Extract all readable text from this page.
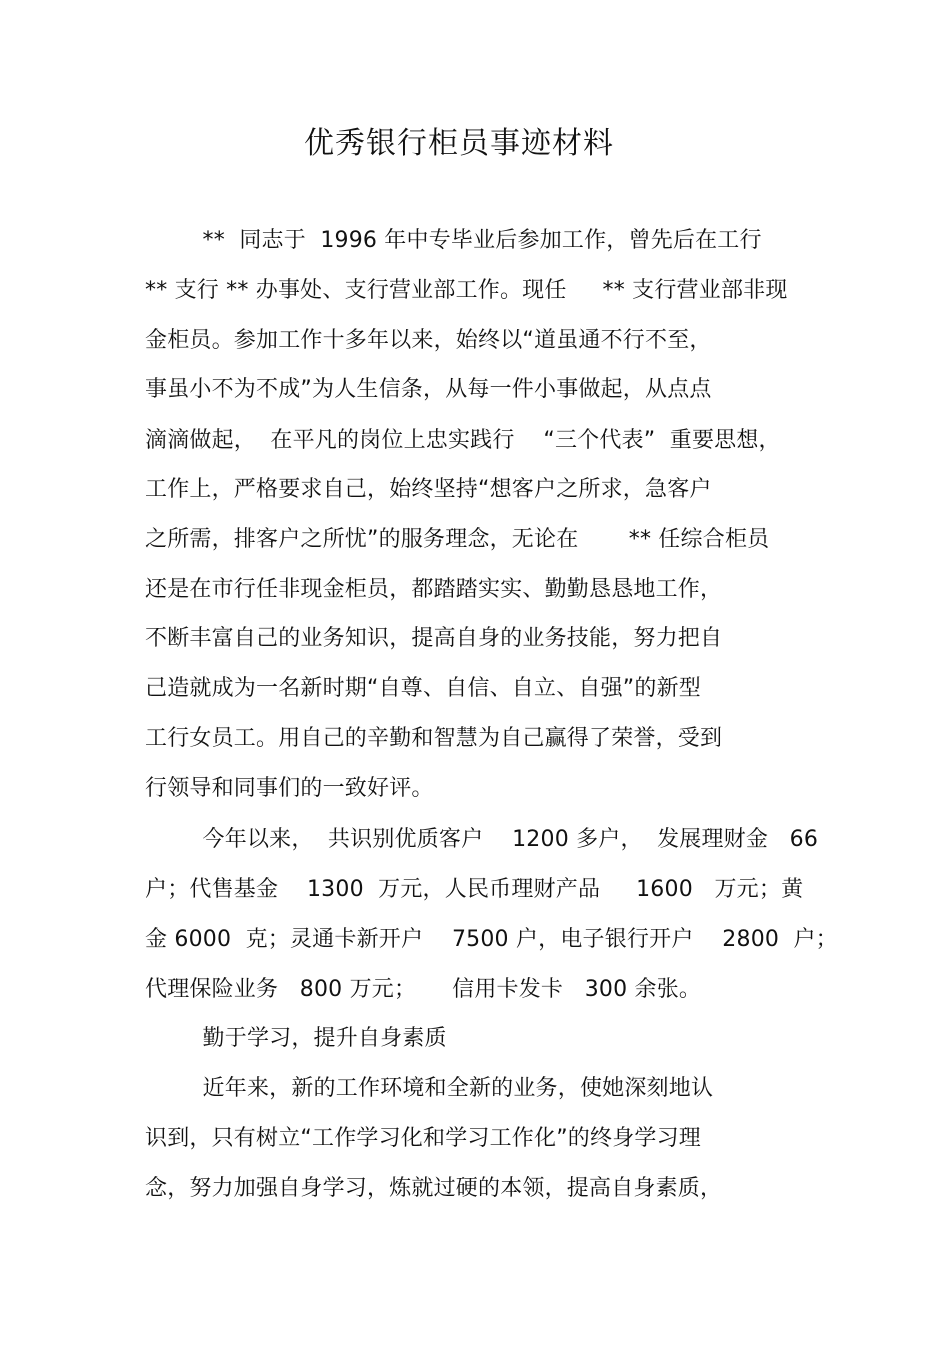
优秀银行柜员事迹材料
**  同志于  1996 年中专毕业后参加工作，曾先后在工行
** 支行 ** 办事处、支行营业部工作。现任     ** 支行营业部非现
金柜员。参加工作十多年以来，始终以“道虽通不行不至，
事虽小不为不成”为人生信条，从每一件小事做起，从点点
滴滴做起，  在平凡的岗位上忠实践行    “三个代表”  重要思想，
工作上，严格要求自己，始终坚持“想客户之所求，急客户
之所需，排客户之所忧”的服务理念，无论在       ** 任综合柜员
还是在市行任非现金柜员，都踏踏实实、勤勤恳恳地工作，
不断丰富自己的业务知识，提高自身的业务技能，努力把自
己造就成为一名新时期“自尊、自信、自立、自强”的新型
工行女员工。用自己的辛勤和智慧为自己赢得了荣誉，受到
行领导和同事们的一致好评。
今年以来，  共识别优质客户    1200 多户，  发展理财金   66
户；代售基金    1300  万元，人民币理财产品     1600   万元；黄
金 6000  克；灵通卡新开户    7500 户，电子银行开户    2800  户；
代理保险业务   800 万元；     信用卡发卡   300 余张。
勤于学习，提升自身素质
近年来，新的工作环境和全新的业务，使她深刻地认
识到，只有树立“工作学习化和学习工作化”的终身学习理
念，努力加强自身学习，炼就过硬的本领，提高自身素质，
